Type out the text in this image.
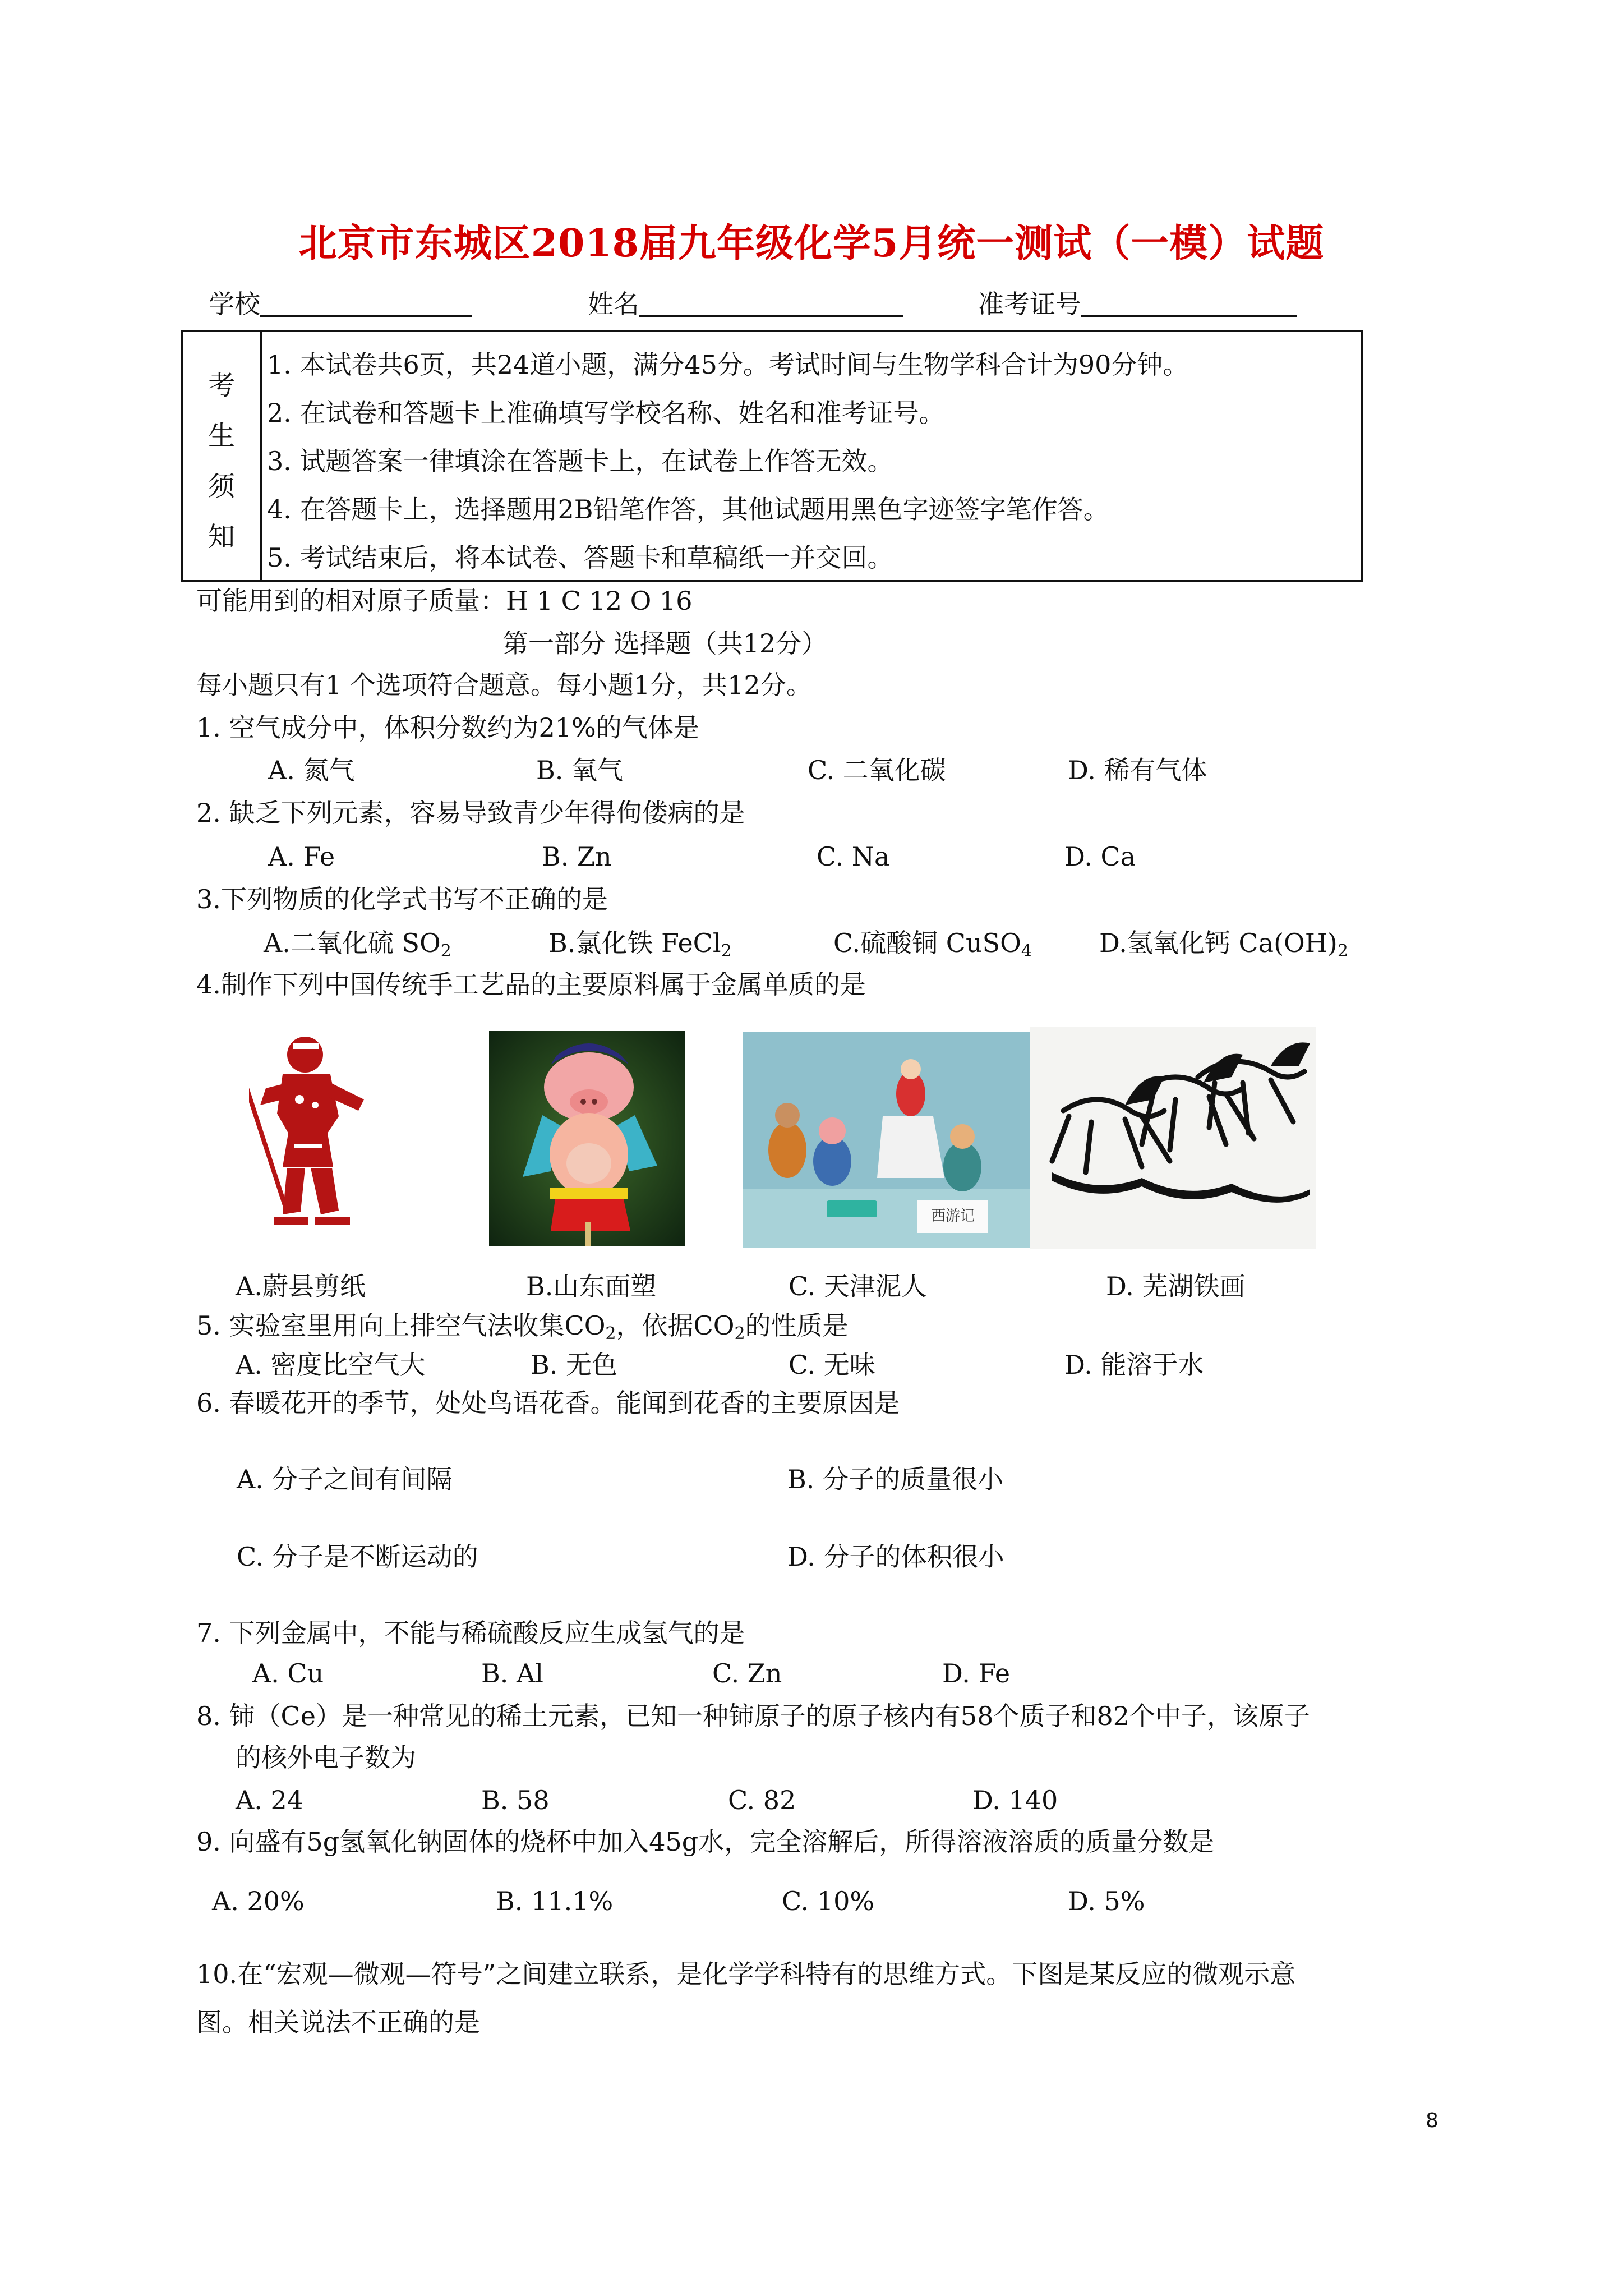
北京市东城区2018届九年级化学5月统一测试（一模）试题
学校	姓名	准考证号
考
生
须
知
1. 本试卷共6页，共24道小题，满分45分。考试时间与生物学科合计为90分钟。
2. 在试卷和答题卡上准确填写学校名称、姓名和准考证号。
3. 试题答案一律填涂在答题卡上，在试卷上作答无效。
4. 在答题卡上，选择题用2B铅笔作答，其他试题用黑色字迹签字笔作答。
5. 考试结束后，将本试卷、答题卡和草稿纸一并交回。
可能用到的相对原子质量：H 1 C 12 O 16
第一部分 选择题（共12分）
每小题只有1 个选项符合题意。每小题1分，共12分。
1. 空气成分中，体积分数约为21%的气体是
A. 氮气	B. 氧气	C. 二氧化碳	D. 稀有气体
2. 缺乏下列元素，容易导致青少年得佝偻病的是
A. Fe	B. Zn	C. Na	D. Ca
3.下列物质的化学式书写不正确的是
A.二氧化硫 $SO_2$	B.氯化铁 FeCl$_2$	C.硫酸铜 CuSO$_4$	D.氢氧化钙 $Ca(OH)_2$
4.制作下列中国传统手工艺品的主要原料属于金属单质的是
西游记
A.蔚县剪纸	B.山东面塑	C. 天津泥人	D. 芜湖铁画
5. 实验室里用向上排空气法收集$CO_2$，依据$CO_2$的性质是
A. 密度比空气大	B. 无色	C. 无味	D. 能溶于水
6. 春暖花开的季节，处处鸟语花香。能闻到花香的主要原因是
A. 分子之间有间隔	B. 分子的质量很小
C. 分子是不断运动的	D. 分子的体积很小
7. 下列金属中，不能与稀硫酸反应生成氢气的是
A. Cu	B. Al	C. Zn	D. Fe
8. 铈（Ce）是一种常见的稀土元素，已知一种铈原子的原子核内有58个质子和82个中子，该原子
的核外电子数为
A. 24	B. 58	C. 82	D. 140
9. 向盛有5g氢氧化钠固体的烧杯中加入45g水，完全溶解后，所得溶液溶质的质量分数是
A. 20%	B. 11.1%	C. 10%	D. 5%
10.在“宏观—微观—符号”之间建立联系，是化学学科特有的思维方式。下图是某反应的微观示意
图。相关说法不正确的是
8
